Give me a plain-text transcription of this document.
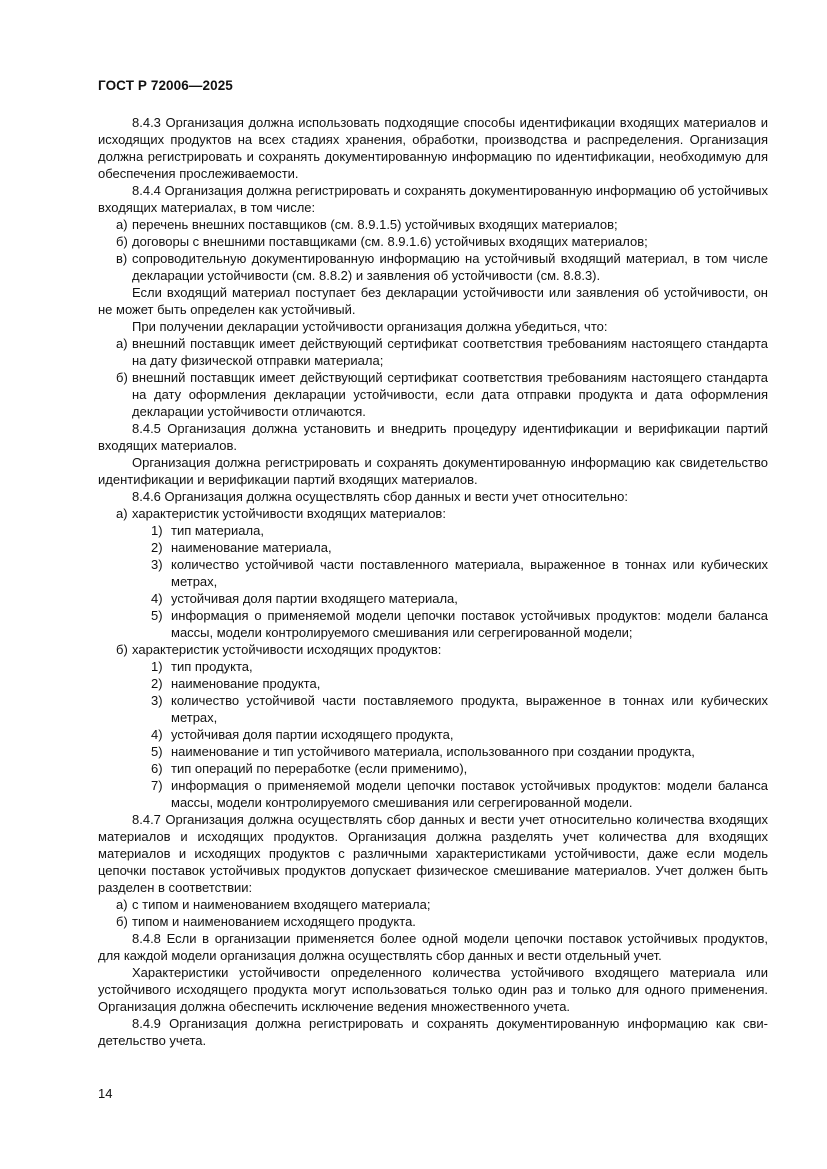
ГОСТ Р 72006—2025

8.4.3 Организация должна использовать подходящие способы идентификации входящих материалов и исходящих продуктов на всех стадиях хранения, обработки, производства и распределения. Организация должна регистрировать и сохранять документированную информацию по идентификации, необходимую для обеспечения прослеживаемости.

8.4.4 Организация должна регистрировать и сохранять документированную информацию об устойчивых входящих материалах, в том числе:

а) перечень внешних поставщиков (см. 8.9.1.5) устойчивых входящих материалов;
б) договоры с внешними поставщиками (см. 8.9.1.6) устойчивых входящих материалов;
в) сопроводительную документированную информацию на устойчивый входящий материал, в том числе декларации устойчивости (см. 8.8.2) и заявления об устойчивости (см. 8.8.3).

Если входящий материал поступает без декларации устойчивости или заявления об устойчивости, он не может быть определен как устойчивый.

При получении декларации устойчивости организация должна убедиться, что:

а) внешний поставщик имеет действующий сертификат соответствия требованиям настоящего стандарта на дату физической отправки материала;
б) внешний поставщик имеет действующий сертификат соответствия требованиям настоящего стандарта на дату оформления декларации устойчивости, если дата отправки продукта и дата оформления декларации устойчивости отличаются.

8.4.5 Организация должна установить и внедрить процедуру идентификации и верификации партий входящих материалов.

Организация должна регистрировать и сохранять документированную информацию как свидетельство идентификации и верификации партий входящих материалов.

8.4.6 Организация должна осуществлять сбор данных и вести учет относительно:

а) характеристик устойчивости входящих материалов:
1) тип материала,
2) наименование материала,
3) количество устойчивой части поставленного материала, выраженное в тоннах или кубических метрах,
4) устойчивая доля партии входящего материала,
5) информация о применяемой модели цепочки поставок устойчивых продуктов: модели баланса массы, модели контролируемого смешивания или сегрегированной модели;
б) характеристик устойчивости исходящих продуктов:
1) тип продукта,
2) наименование продукта,
3) количество устойчивой части поставляемого продукта, выраженное в тоннах или кубических метрах,
4) устойчивая доля партии исходящего продукта,
5) наименование и тип устойчивого материала, использованного при создании продукта,
6) тип операций по переработке (если применимо),
7) информация о применяемой модели цепочки поставок устойчивых продуктов: модели баланса массы, модели контролируемого смешивания или сегрегированной модели.

8.4.7 Организация должна осуществлять сбор данных и вести учет относительно количества входящих материалов и исходящих продуктов. Организация должна разделять учет количества для входящих материалов и исходящих продуктов с различными характеристиками устойчивости, даже если модель цепочки поставок устойчивых продуктов допускает физическое смешивание материалов. Учет должен быть разделен в соответствии:

а) с типом и наименованием входящего материала;
б) типом и наименованием исходящего продукта.

8.4.8 Если в организации применяется более одной модели цепочки поставок устойчивых продуктов, для каждой модели организация должна осуществлять сбор данных и вести отдельный учет.

Характеристики устойчивости определенного количества устойчивого входящего материала или устойчивого исходящего продукта могут использоваться только один раз и только для одного применения. Организация должна обеспечить исключение ведения множественного учета.

8.4.9 Организация должна регистрировать и сохранять документированную информацию как свидетельство учета.

14
